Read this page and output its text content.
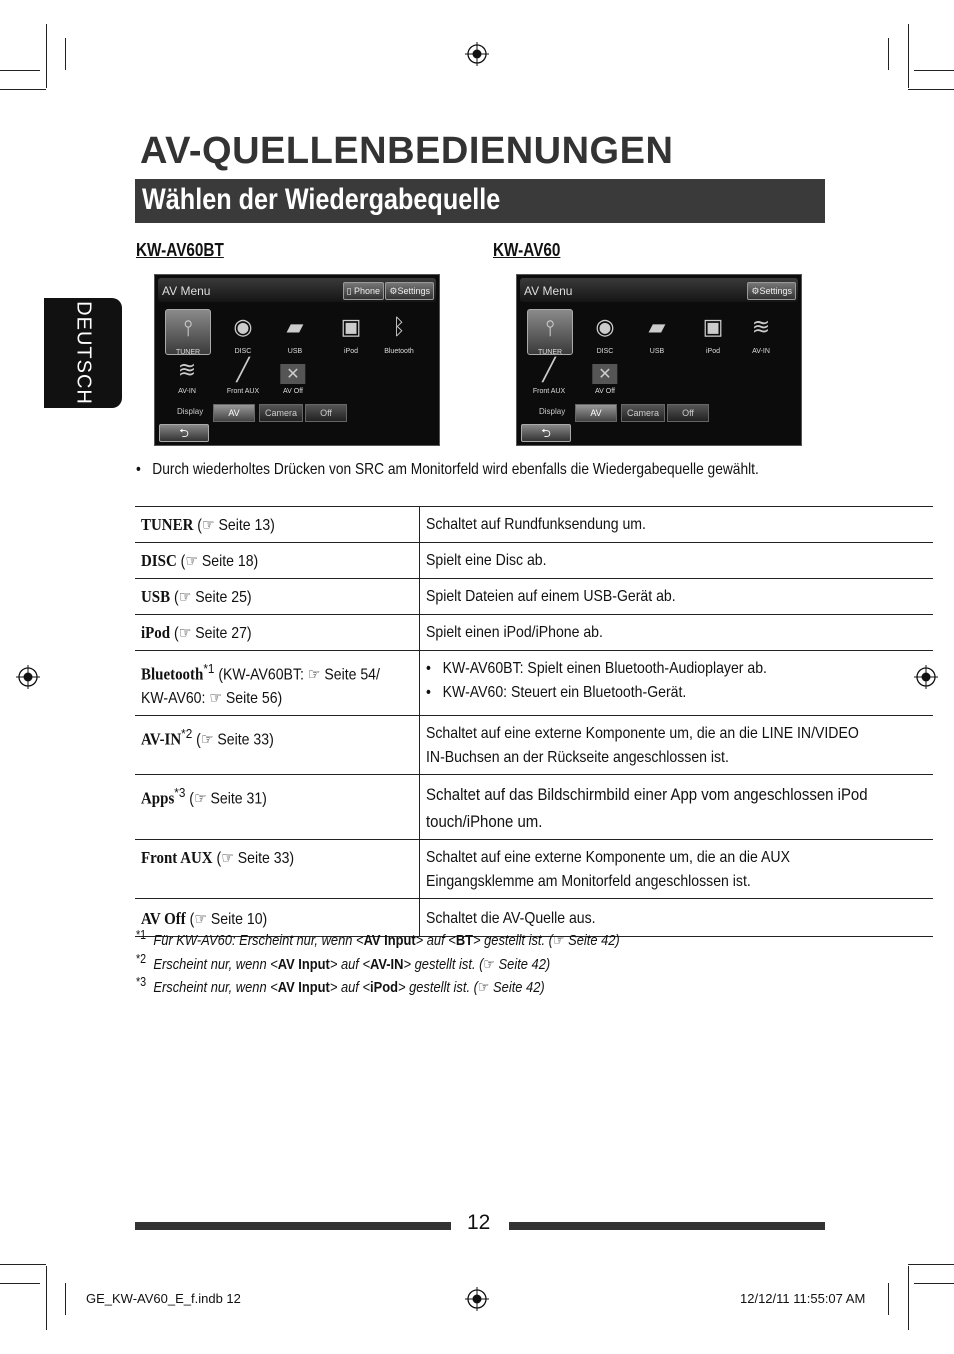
AV-QUELLENBEDIENUNGEN
Wählen der Wiedergabequelle
DEUTSCH
KW-AV60BT	KW-AV60
AV Menu	▯ Phone	⚙Settings
⫯
TUNER
◉
DISC
▰
USB
▣
iPod
ᛒ
Bluetooth
≋
AV-IN
╱
Front AUX
✕
AV Off
Display	AV	Camera	Off
⮌
AV Menu	⚙Settings
⫯
TUNER
◉
DISC
▰
USB
▣
iPod
≋
AV-IN
╱
Front AUX
✕
AV Off
Display	AV	Camera	Off
⮌
•   Durch wiederholtes Drücken von SRC am Monitorfeld wird ebenfalls die Wiedergabequelle gewählt.
TUNER (☞ Seite 13)	Schaltet auf Rundfunksendung um.
DISC (☞ Seite 18)	Spielt eine Disc ab.
USB (☞ Seite 25)	Spielt Dateien auf einem USB-Gerät ab.
iPod (☞ Seite 27)	Spielt einen iPod/iPhone ab.
Bluetooth$^{*1}$ (KW-AV60BT: ☞ Seite 54/
KW-AV60: ☞ Seite 56)	•   KW-AV60BT: Spielt einen Bluetooth-Audioplayer ab.
•   KW-AV60: Steuert ein Bluetooth-Gerät.
AV-IN$^{*2}$ (☞ Seite 33)	Schaltet auf eine externe Komponente um, die an die LINE IN/VIDEO
IN-Buchsen an der Rückseite angeschlossen ist.
Apps$^{*3}$ (☞ Seite 31)	Schaltet auf das Bildschirmbild einer App vom angeschlossen iPod
touch/iPhone um.
Front AUX (☞ Seite 33)	Schaltet auf eine externe Komponente um, die an die AUX
Eingangsklemme am Monitorfeld angeschlossen ist.
AV Off (☞ Seite 10)	Schaltet die AV-Quelle aus.
$^{*1}$ Für KW-AV60: Erscheint nur, wenn <AV Input> auf <BT> gestellt ist. (☞ Seite 42)
$^{*2}$ Erscheint nur, wenn <AV Input> auf <AV-IN> gestellt ist. (☞ Seite 42)
$^{*3}$ Erscheint nur, wenn <AV Input> auf <iPod> gestellt ist. (☞ Seite 42)
12
GE_KW-AV60_E_f.indb 12	12/12/11 11:55:07 AM
